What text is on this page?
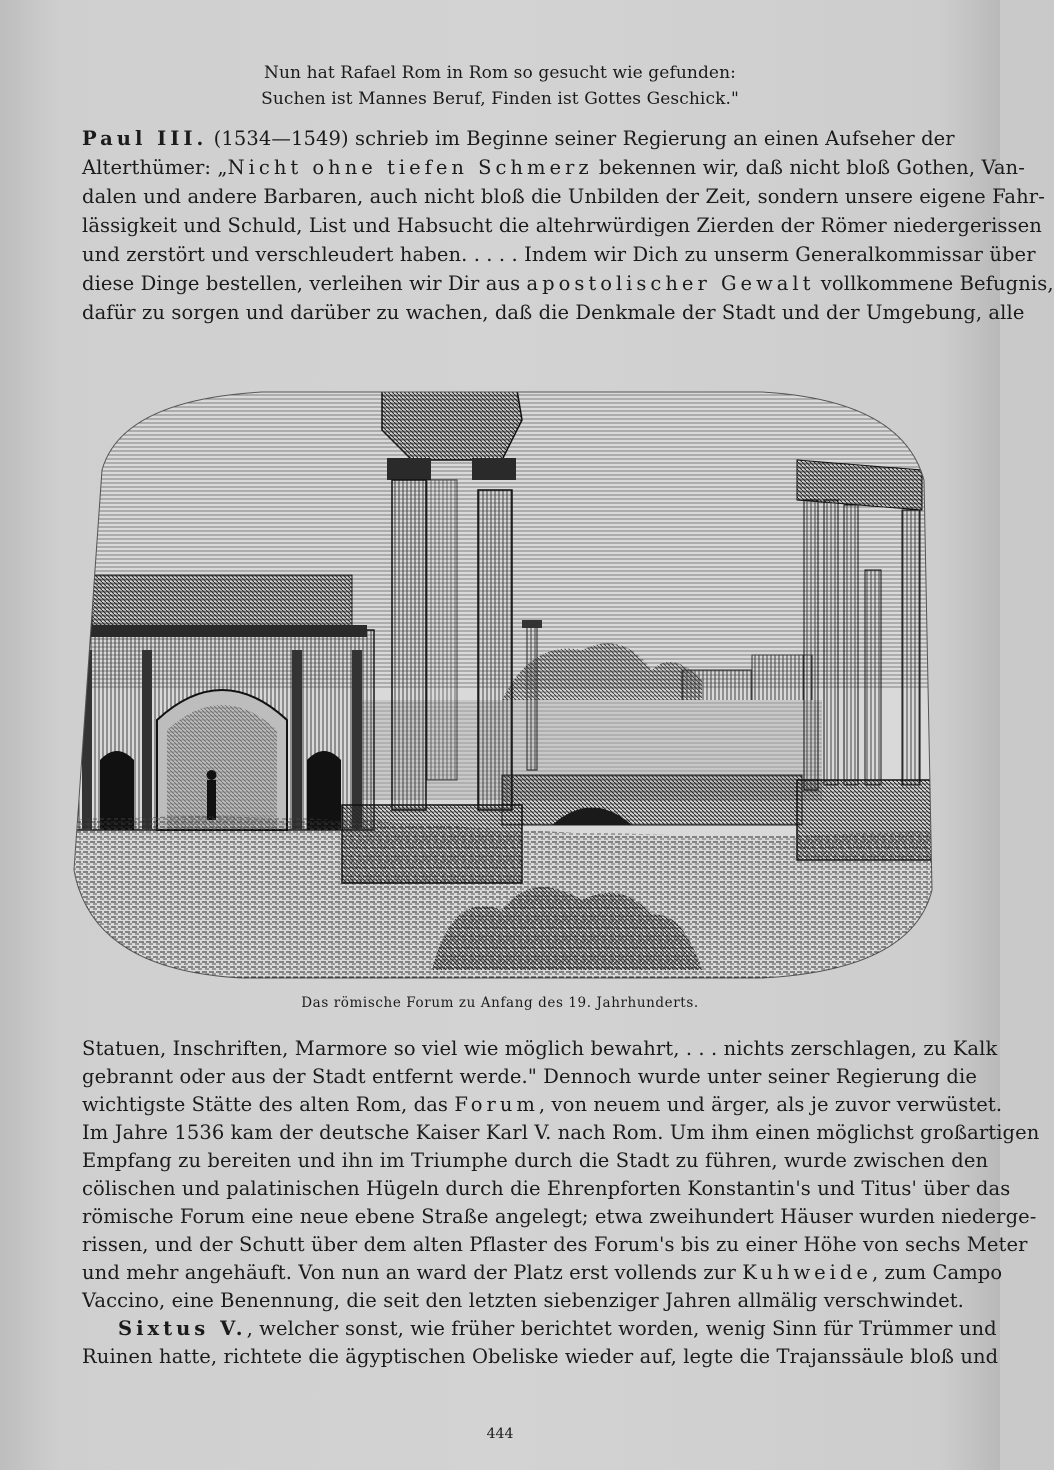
Nun hat Rafael Rom in Rom so gesucht wie gefunden:
Suchen ist Mannes Beruf, Finden ist Gottes Geschick."
Paul III. (1534—1549) schrieb im Beginne seiner Regierung an einen Aufseher der
Alterthümer: „Nicht ohne tiefen Schmerz bekennen wir, daß nicht bloß Gothen, Van-
dalen und andere Barbaren, auch nicht bloß die Unbilden der Zeit, sondern unsere eigene Fahr-
lässigkeit und Schuld, List und Habsucht die altehrwürdigen Zierden der Römer niedergerissen
und zerstört und verschleudert haben. . . . . Indem wir Dich zu unserm Generalkommissar über
diese Dinge bestellen, verleihen wir Dir aus apostolischer Gewalt vollkommene Befugnis,
dafür zu sorgen und darüber zu wachen, daß die Denkmale der Stadt und der Umgebung, alle
Das römische Forum zu Anfang des 19. Jahrhunderts.
Statuen, Inschriften, Marmore so viel wie möglich bewahrt, . . . nichts zerschlagen, zu Kalk
gebrannt oder aus der Stadt entfernt werde." Dennoch wurde unter seiner Regierung die
wichtigste Stätte des alten Rom, das Forum, von neuem und ärger, als je zuvor verwüstet.
Im Jahre 1536 kam der deutsche Kaiser Karl V. nach Rom. Um ihm einen möglichst großartigen
Empfang zu bereiten und ihn im Triumphe durch die Stadt zu führen, wurde zwischen den
cölischen und palatinischen Hügeln durch die Ehrenpforten Konstantin's und Titus' über das
römische Forum eine neue ebene Straße angelegt; etwa zweihundert Häuser wurden niederge-
rissen, und der Schutt über dem alten Pflaster des Forum's bis zu einer Höhe von sechs Meter
und mehr angehäuft. Von nun an ward der Platz erst vollends zur Kuhweide, zum Campo
Vaccino, eine Benennung, die seit den letzten siebenziger Jahren allmälig verschwindet.
Sixtus V., welcher sonst, wie früher berichtet worden, wenig Sinn für Trümmer und
Ruinen hatte, richtete die ägyptischen Obeliske wieder auf, legte die Trajanssäule bloß und
444
